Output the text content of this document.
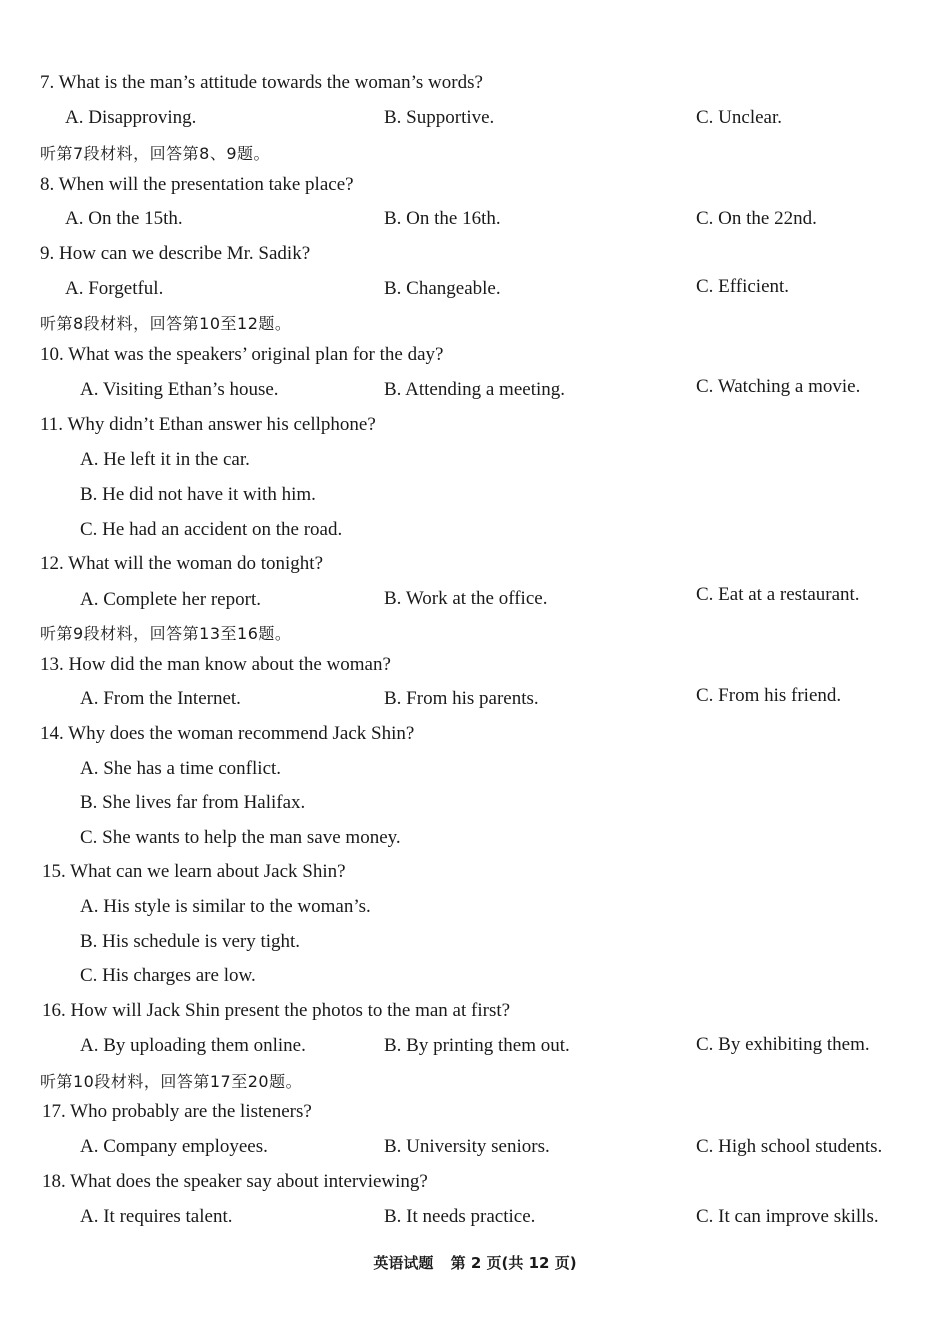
7. What is the man’s attitude towards the woman’s words?
A. Disapproving.	B. Supportive.	C. Unclear.
听第7段材料，回答第8、9题。
8. When will the presentation take place?
A. On the 15th.	B. On the 16th.	C. On the 22nd.
9. How can we describe Mr. Sadik?
A. Forgetful.	B. Changeable.	C. Efficient.
听第8段材料，回答第10至12题。
10. What was the speakers’ original plan for the day?
A. Visiting Ethan’s house.	B. Attending a meeting.	C. Watching a movie.
11. Why didn’t Ethan answer his cellphone?
A. He left it in the car.
B. He did not have it with him.
C. He had an accident on the road.
12. What will the woman do tonight?
A. Complete her report.	B. Work at the office.	C. Eat at a restaurant.
听第9段材料，回答第13至16题。
13. How did the man know about the woman?
A. From the Internet.	B. From his parents.	C. From his friend.
14. Why does the woman recommend Jack Shin?
A. She has a time conflict.
B. She lives far from Halifax.
C. She wants to help the man save money.
15. What can we learn about Jack Shin?
A. His style is similar to the woman’s.
B. His schedule is very tight.
C. His charges are low.
16. How will Jack Shin present the photos to the man at first?
A. By uploading them online.	B. By printing them out.	C. By exhibiting them.
听第10段材料，回答第17至20题。
17. Who probably are the listeners?
A. Company employees.	B. University seniors.	C. High school students.
18. What does the speaker say about interviewing?
A. It requires talent.	B. It needs practice.	C. It can improve skills.
英语试题 第 2 页(共 12 页)
